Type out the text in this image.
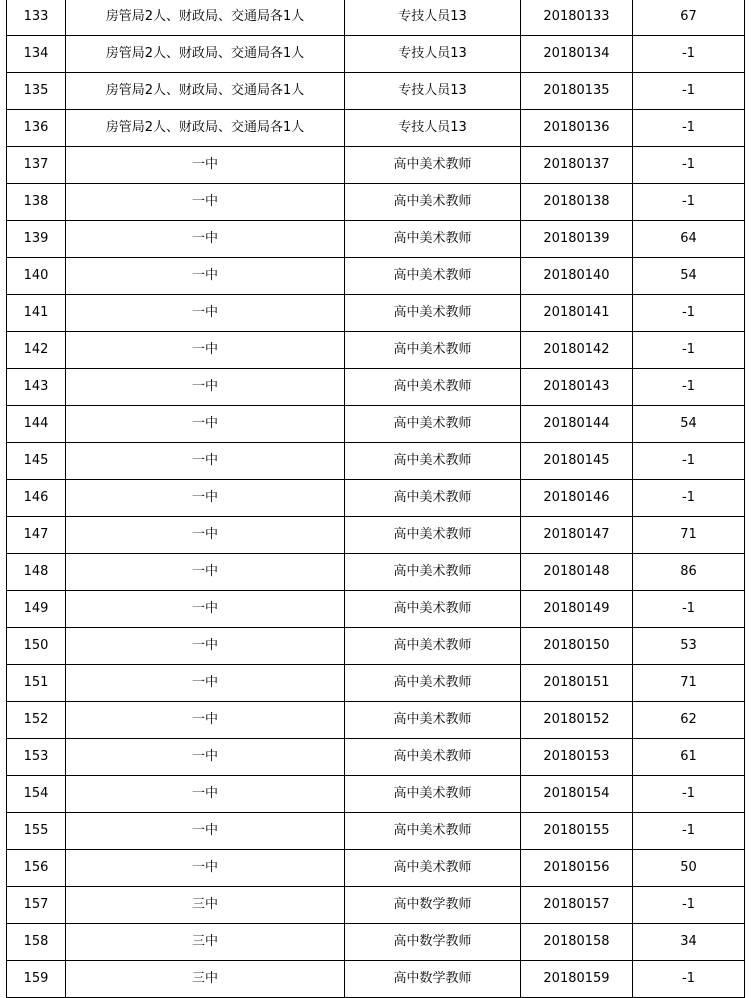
133	房管局2人、财政局、交通局各1人	专技人员13	20180133	67
134	房管局2人、财政局、交通局各1人	专技人员13	20180134	-1
135	房管局2人、财政局、交通局各1人	专技人员13	20180135	-1
136	房管局2人、财政局、交通局各1人	专技人员13	20180136	-1
137	一中	高中美术教师	20180137	-1
138	一中	高中美术教师	20180138	-1
139	一中	高中美术教师	20180139	64
140	一中	高中美术教师	20180140	54
141	一中	高中美术教师	20180141	-1
142	一中	高中美术教师	20180142	-1
143	一中	高中美术教师	20180143	-1
144	一中	高中美术教师	20180144	54
145	一中	高中美术教师	20180145	-1
146	一中	高中美术教师	20180146	-1
147	一中	高中美术教师	20180147	71
148	一中	高中美术教师	20180148	86
149	一中	高中美术教师	20180149	-1
150	一中	高中美术教师	20180150	53
151	一中	高中美术教师	20180151	71
152	一中	高中美术教师	20180152	62
153	一中	高中美术教师	20180153	61
154	一中	高中美术教师	20180154	-1
155	一中	高中美术教师	20180155	-1
156	一中	高中美术教师	20180156	50
157	三中	高中数学教师	20180157	-1
158	三中	高中数学教师	20180158	34
159	三中	高中数学教师	20180159	-1
